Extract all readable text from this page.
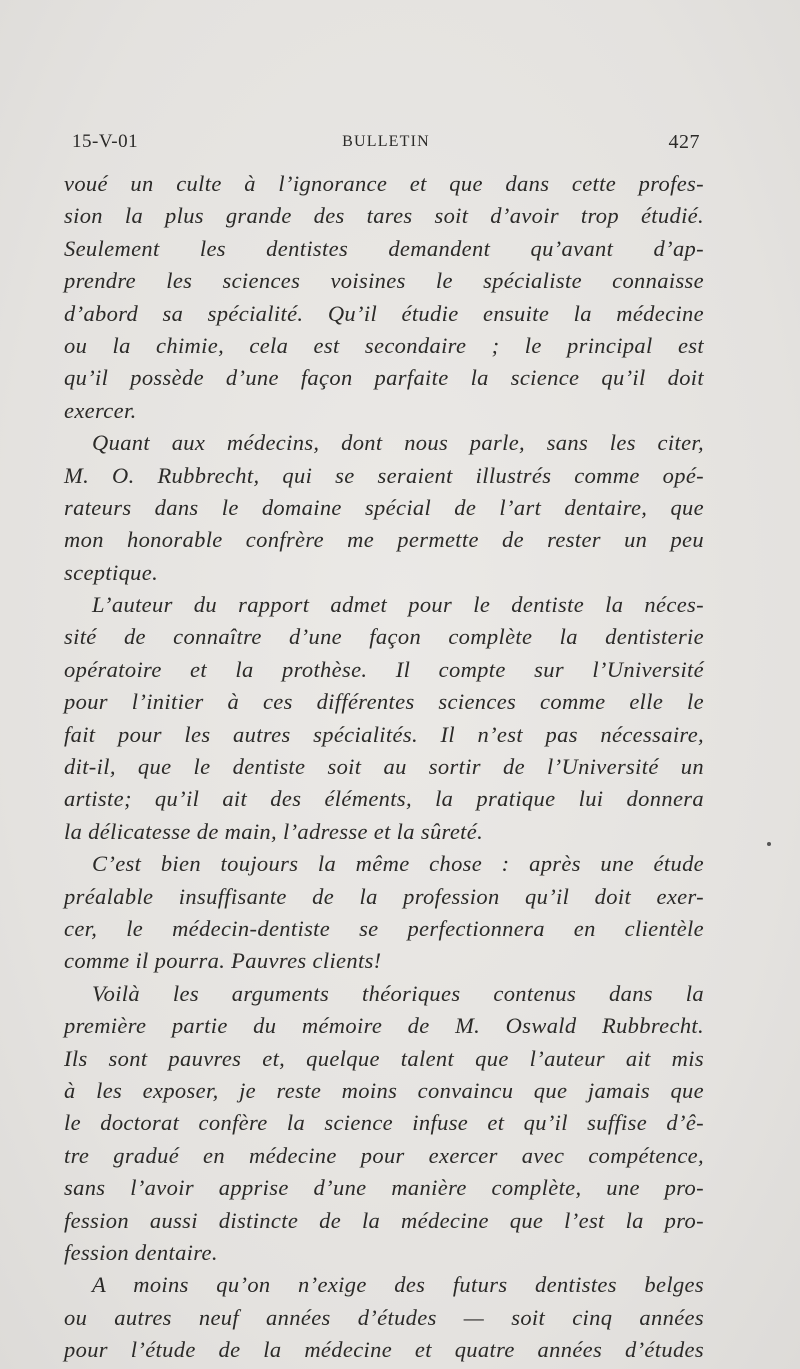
15-V-01	BULLETIN	427
voué un culte à l’ignorance et que dans cette profes-
sion la plus grande des tares soit d’avoir trop étudié.
Seulement les dentistes demandent qu’avant d’ap-
prendre les sciences voisines le spécialiste connaisse
d’abord sa spécialité. Qu’il étudie ensuite la médecine
ou la chimie, cela est secondaire ; le principal est
qu’il possède d’une façon parfaite la science qu’il doit
exercer.
Quant aux médecins, dont nous parle, sans les citer,
M. O. Rubbrecht, qui se seraient illustrés comme opé-
rateurs dans le domaine spécial de l’art dentaire, que
mon honorable confrère me permette de rester un peu
sceptique.
L’auteur du rapport admet pour le dentiste la néces-
sité de connaître d’une façon complète la dentisterie
opératoire et la prothèse. Il compte sur l’Université
pour l’initier à ces différentes sciences comme elle le
fait pour les autres spécialités. Il n’est pas nécessaire,
dit-il, que le dentiste soit au sortir de l’Université un
artiste; qu’il ait des éléments, la pratique lui donnera
la délicatesse de main, l’adresse et la sûreté.
C’est bien toujours la même chose : après une étude
préalable insuffisante de la profession qu’il doit exer-
cer, le médecin-dentiste se perfectionnera en clientèle
comme il pourra. Pauvres clients!
Voilà les arguments théoriques contenus dans la
première partie du mémoire de M. Oswald Rubbrecht.
Ils sont pauvres et, quelque talent que l’auteur ait mis
à les exposer, je reste moins convaincu que jamais que
le doctorat confère la science infuse et qu’il suffise d’ê-
tre gradué en médecine pour exercer avec compétence,
sans l’avoir apprise d’une manière complète, une pro-
fession aussi distincte de la médecine que l’est la pro-
fession dentaire.
A moins qu’on n’exige des futurs dentistes belges
ou autres neuf années d’études — soit cinq années
pour l’étude de la médecine et quatre années d’études
